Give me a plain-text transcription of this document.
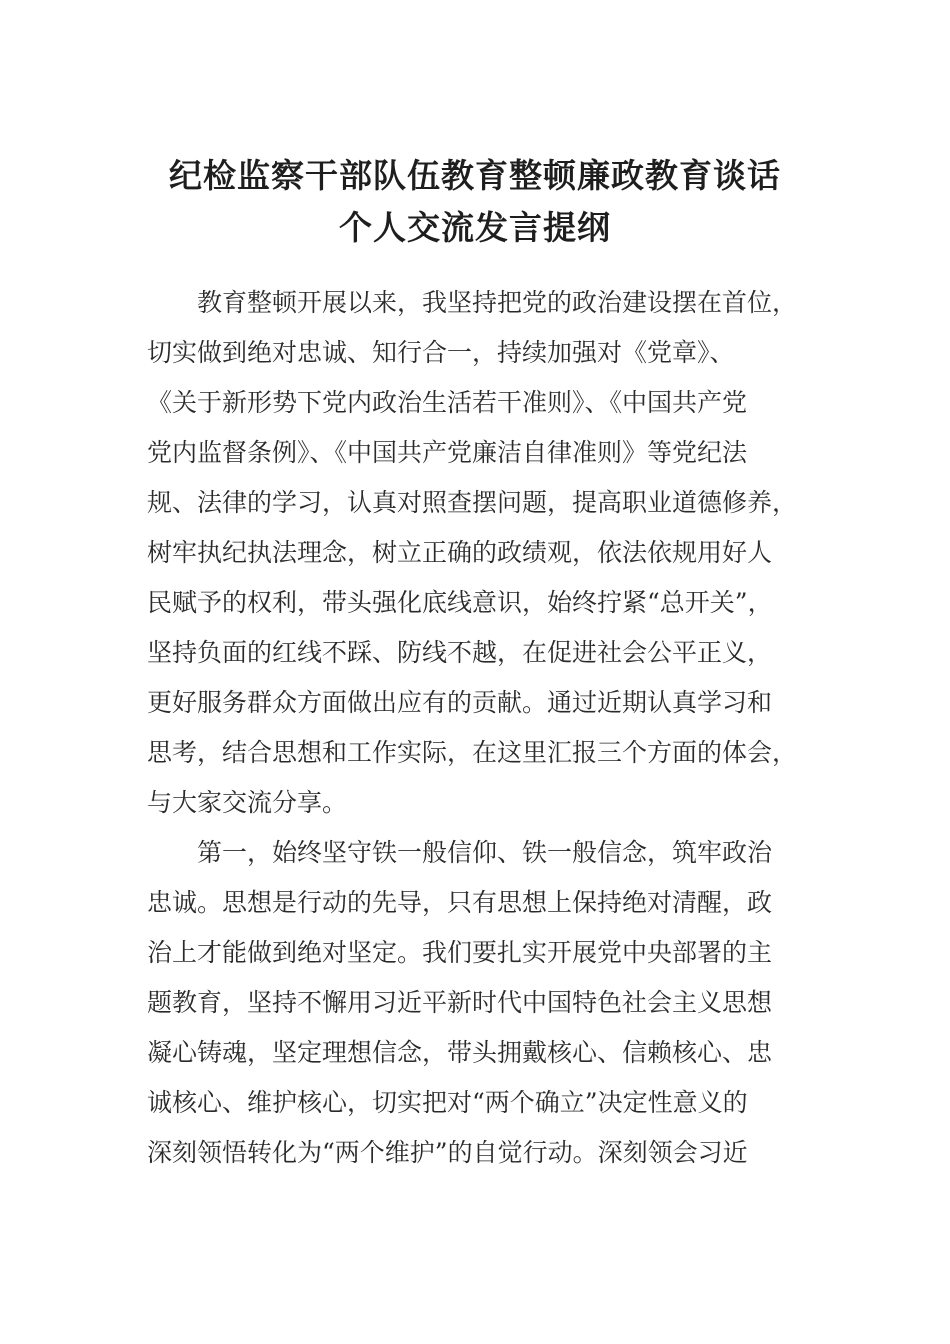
纪检监察干部队伍教育整顿廉政教育谈话
个人交流发言提纲
教育整顿开展以来，我坚持把党的政治建设摆在首位，
切实做到绝对忠诚、知行合一，持续加强对《党章》、
《关于新形势下党内政治生活若干准则》、《中国共产党
党内监督条例》、《中国共产党廉洁自律准则》等党纪法
规、法律的学习，认真对照查摆问题，提高职业道德修养，
树牢执纪执法理念，树立正确的政绩观，依法依规用好人
民赋予的权利，带头强化底线意识，始终拧紧“总开关”，
坚持负面的红线不踩、防线不越，在促进社会公平正义，
更好服务群众方面做出应有的贡献。通过近期认真学习和
思考，结合思想和工作实际，在这里汇报三个方面的体会，
与大家交流分享。
第一，始终坚守铁一般信仰、铁一般信念，筑牢政治
忠诚。思想是行动的先导，只有思想上保持绝对清醒，政
治上才能做到绝对坚定。我们要扎实开展党中央部署的主
题教育，坚持不懈用习近平新时代中国特色社会主义思想
凝心铸魂，坚定理想信念，带头拥戴核心、信赖核心、忠
诚核心、维护核心，切实把对“两个确立”决定性意义的
深刻领悟转化为“两个维护”的自觉行动。深刻领会习近
